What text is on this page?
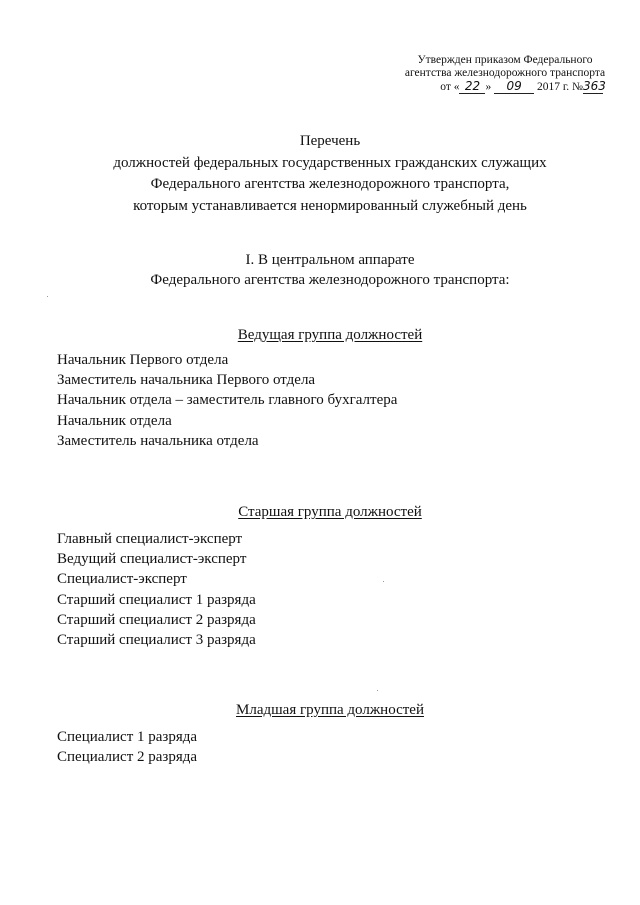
Утвержден приказом Федерального
агентства железнодорожного транспорта
от « 22 » 09 2017 г. №363
Перечень
должностей федеральных государственных гражданских служащих
Федерального агентства железнодорожного транспорта,
которым устанавливается ненормированный служебный день
I. В центральном аппарате
Федерального агентства железнодорожного транспорта:
Ведущая группа должностей
Начальник Первого отдела
Заместитель начальника Первого отдела
Начальник отдела – заместитель главного бухгалтера
Начальник отдела
Заместитель начальника отдела
Старшая группа должностей
Главный специалист-эксперт
Ведущий специалист-эксперт
Специалист-эксперт
Старший специалист 1 разряда
Старший специалист 2 разряда
Старший специалист 3 разряда
Младшая группа должностей
Специалист 1 разряда
Специалист 2 разряда
